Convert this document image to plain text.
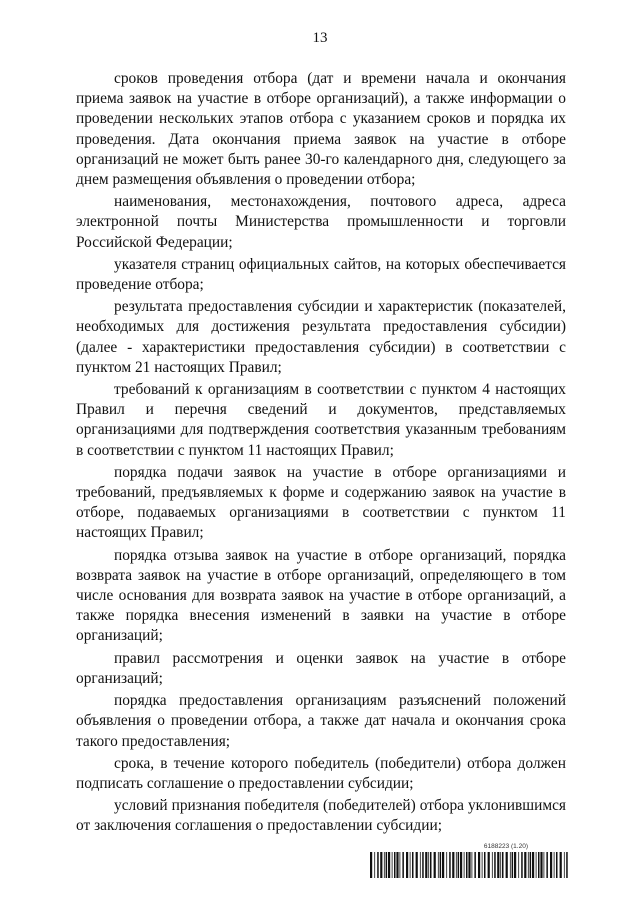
13

сроков проведения отбора (дат и времени начала и окончания приема заявок на участие в отборе организаций), а также информации о проведении нескольких этапов отбора с указанием сроков и порядка их проведения. Дата окончания приема заявок на участие в отборе организаций не может быть ранее 30-го календарного дня, следующего за днем размещения объявления о проведении отбора;

наименования, местонахождения, почтового адреса, адреса электронной почты Министерства промышленности и торговли Российской Федерации;

указателя страниц официальных сайтов, на которых обеспечивается проведение отбора;

результата предоставления субсидии и характеристик (показателей, необходимых для достижения результата предоставления субсидии) (далее - характеристики предоставления субсидии) в соответствии с пунктом 21 настоящих Правил;

требований к организациям в соответствии с пунктом 4 настоящих Правил и перечня сведений и документов, представляемых организациями для подтверждения соответствия указанным требованиям в соответствии с пунктом 11 настоящих Правил;

порядка подачи заявок на участие в отборе организациями и требований, предъявляемых к форме и содержанию заявок на участие в отборе, подаваемых организациями в соответствии с пунктом 11 настоящих Правил;

порядка отзыва заявок на участие в отборе организаций, порядка возврата заявок на участие в отборе организаций, определяющего в том числе основания для возврата заявок на участие в отборе организаций, а также порядка внесения изменений в заявки на участие в отборе организаций;

правил рассмотрения и оценки заявок на участие в отборе организаций;

порядка предоставления организациям разъяснений положений объявления о проведении отбора, а также дат начала и окончания срока такого предоставления;

срока, в течение которого победитель (победители) отбора должен подписать соглашение о предоставлении субсидии;

условий признания победителя (победителей) отбора уклонившимся от заключения соглашения о предоставлении субсидии;

6188223 (1.20)
